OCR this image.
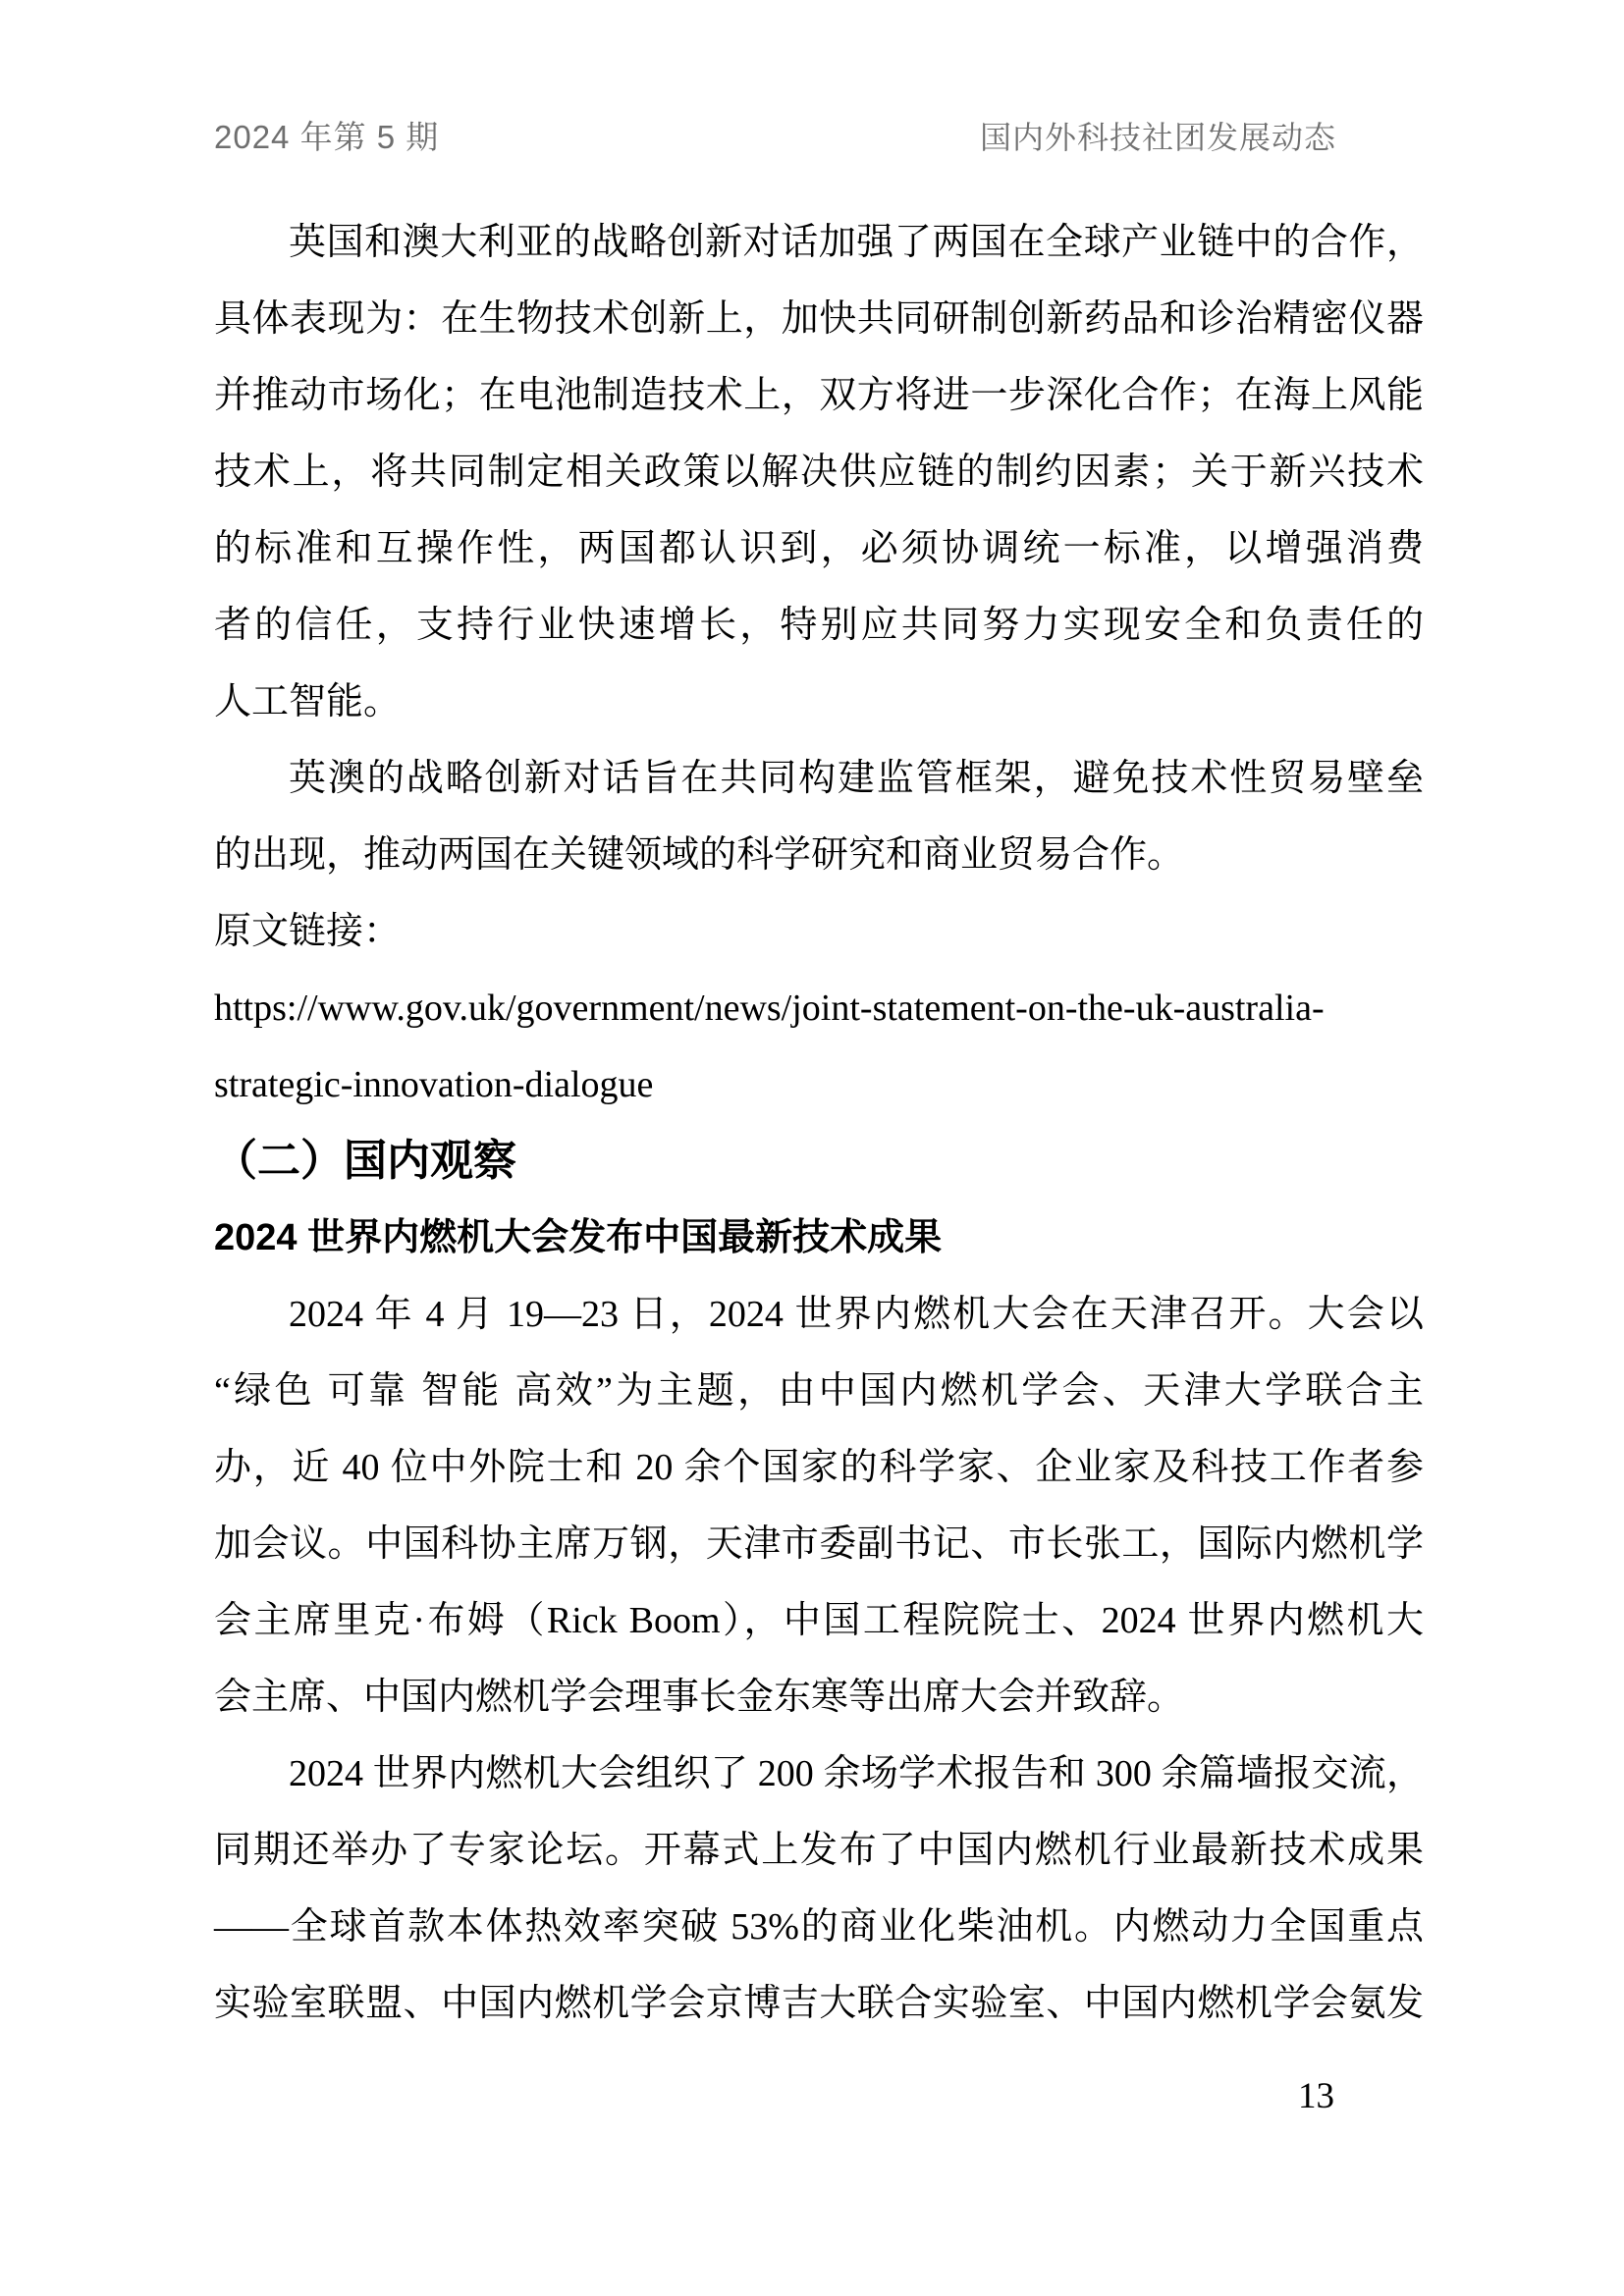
2024 年第 5 期	国内外科技社团发展动态
英国和澳大利亚的战略创新对话加强了两国在全球产业链中的合作，
具体表现为：在生物技术创新上，加快共同研制创新药品和诊治精密仪器
并推动市场化；在电池制造技术上，双方将进一步深化合作；在海上风能
技术上，将共同制定相关政策以解决供应链的制约因素；关于新兴技术
的标准和互操作性，两国都认识到，必须协调统一标准，以增强消费
者的信任，支持行业快速增长，特别应共同努力实现安全和负责任的
人工智能。
英澳的战略创新对话旨在共同构建监管框架，避免技术性贸易壁垒
的出现，推动两国在关键领域的科学研究和商业贸易合作。
原文链接：
https://www.gov.uk/government/news/joint-statement-on-the-uk-australia-
strategic-innovation-dialogue
（二）国内观察
2024 世界内燃机大会发布中国最新技术成果
2024 年 4 月 19—23 日，2024 世界内燃机大会在天津召开。大会以
“绿色 可靠 智能 高效”为主题，由中国内燃机学会、天津大学联合主
办，近 40 位中外院士和 20 余个国家的科学家、企业家及科技工作者参
加会议。中国科协主席万钢，天津市委副书记、市长张工，国际内燃机学
会主席里克·布姆（Rick Boom），中国工程院院士、2024 世界内燃机大
会主席、中国内燃机学会理事长金东寒等出席大会并致辞。
2024 世界内燃机大会组织了 200 余场学术报告和 300 余篇墙报交流，
同期还举办了专家论坛。开幕式上发布了中国内燃机行业最新技术成果
——全球首款本体热效率突破 53%的商业化柴油机。内燃动力全国重点
实验室联盟、中国内燃机学会京博吉大联合实验室、中国内燃机学会氨发
13
